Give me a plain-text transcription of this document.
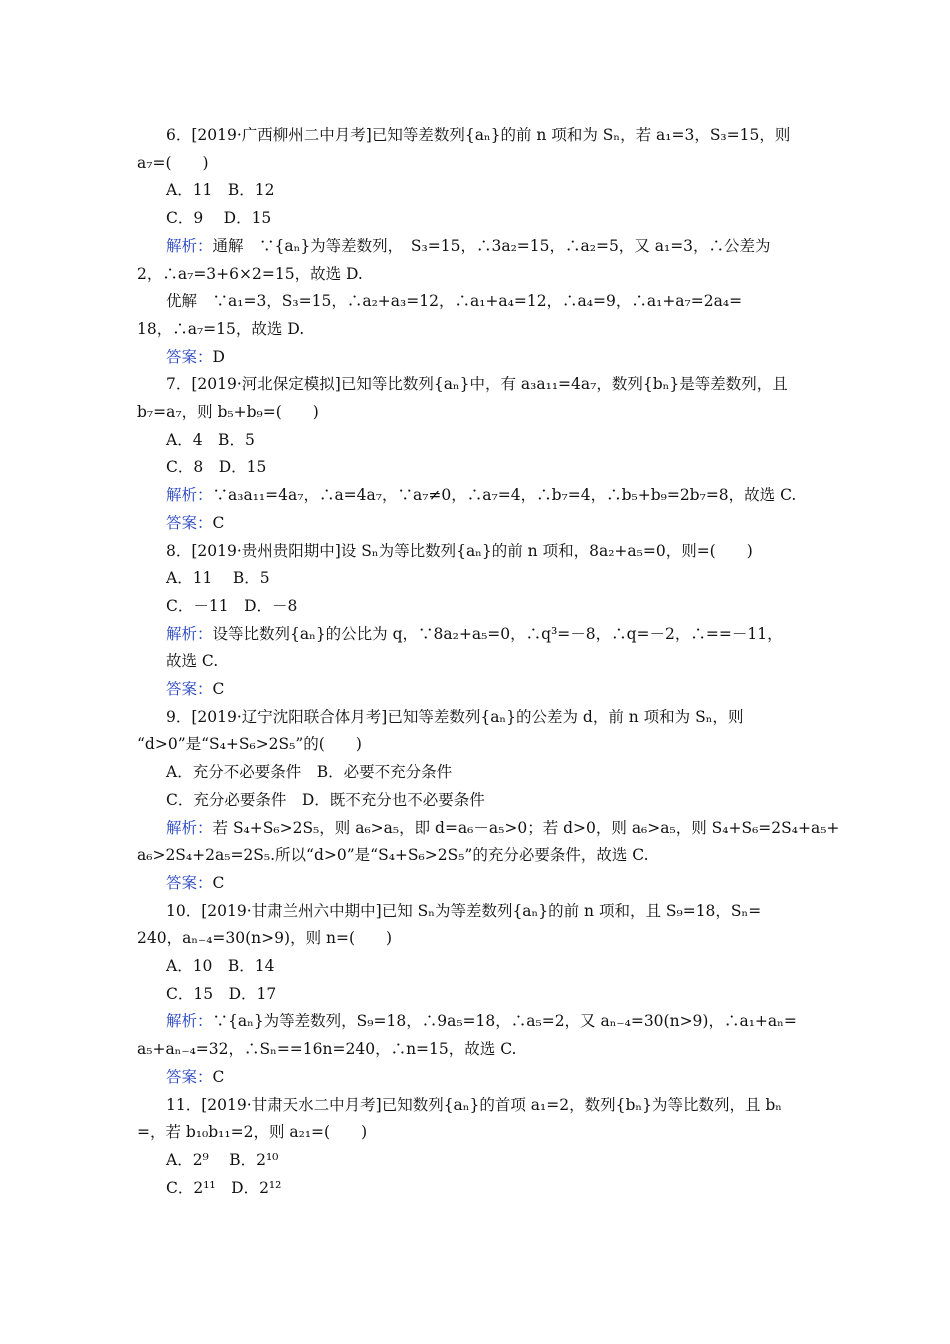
6．[2019·广西柳州二中月考]已知等差数列{aₙ}的前 n 项和为 Sₙ，若 a₁=3，S₃=15，则
a₇=(　　)
A．11　B．12
C．9　 D．15
解析：通解　∵{aₙ}为等差数列，　S₃=15，∴3a₂=15，∴a₂=5，又 a₁=3，∴公差为
2，∴a₇=3+6×2=15，故选 D.
优解　∵a₁=3，S₃=15，∴a₂+a₃=12，∴a₁+a₄=12，∴a₄=9，∴a₁+a₇=2a₄=
18，∴a₇=15，故选 D.
答案：D
7．[2019·河北保定模拟]已知等比数列{aₙ}中，有 a₃a₁₁=4a₇，数列{bₙ}是等差数列，且
b₇=a₇，则 b₅+b₉=(　　)
A．4　B．5
C．8　D．15
解析：∵a₃a₁₁=4a₇，∴a=4a₇，∵a₇≠0，∴a₇=4，∴b₇=4，∴b₅+b₉=2b₇=8，故选 C.
答案：C
8．[2019·贵州贵阳期中]设 Sₙ为等比数列{aₙ}的前 n 项和，8a₂+a₅=0，则=(　　)
A．11　 B．5
C．－11　D．－8
解析：设等比数列{aₙ}的公比为 q，∵8a₂+a₅=0，∴q³=－8，∴q=－2，∴==－11，
故选 C.
答案：C
9．[2019·辽宁沈阳联合体月考]已知等差数列{aₙ}的公差为 d，前 n 项和为 Sₙ，则
“d>0”是“S₄+S₆>2S₅”的(　　)
A．充分不必要条件　B．必要不充分条件
C．充分必要条件　D．既不充分也不必要条件
解析：若 S₄+S₆>2S₅，则 a₆>a₅，即 d=a₆－a₅>0；若 d>0，则 a₆>a₅，则 S₄+S₆=2S₄+a₅+
a₆>2S₄+2a₅=2S₅.所以“d>0”是“S₄+S₆>2S₅”的充分必要条件，故选 C.
答案：C
10．[2019·甘肃兰州六中期中]已知 Sₙ为等差数列{aₙ}的前 n 项和，且 S₉=18，Sₙ=
240，aₙ₋₄=30(n>9)，则 n=(　　)
A．10　B．14
C．15　D．17
解析：∵{aₙ}为等差数列，S₉=18，∴9a₅=18，∴a₅=2，又 aₙ₋₄=30(n>9)，∴a₁+aₙ=
a₅+aₙ₋₄=32，∴Sₙ==16n=240，∴n=15，故选 C.
答案：C
11．[2019·甘肃天水二中月考]已知数列{aₙ}的首项 a₁=2，数列{bₙ}为等比数列，且 bₙ
=，若 b₁₀b₁₁=2，则 a₂₁=(　　)
A．2⁹　 B．2¹⁰
C．2¹¹　D．2¹²
